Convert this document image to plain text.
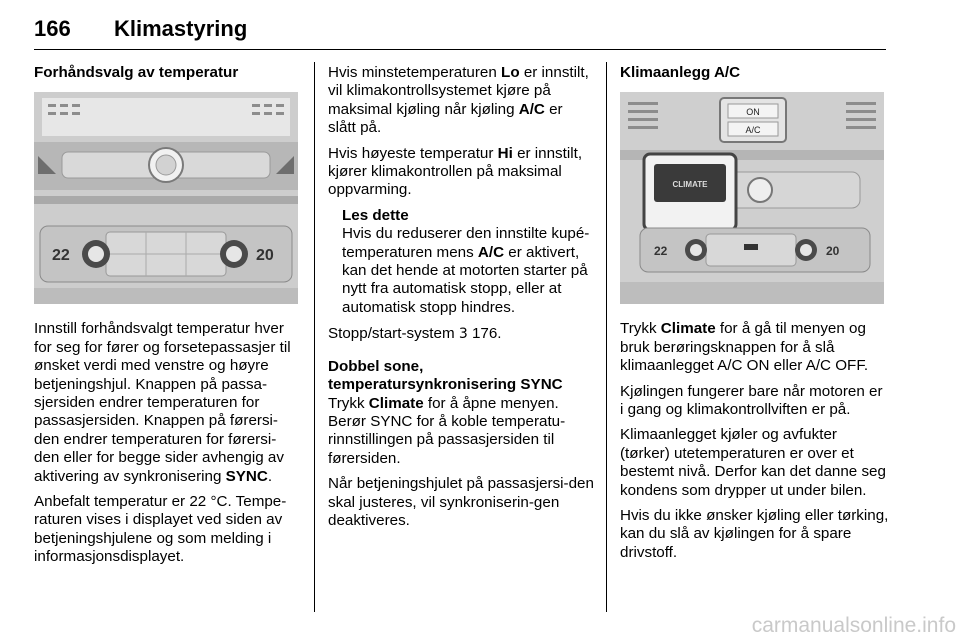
166 Klimastyring

Forhåndsvalg av temperatur

22	20

Innstill forhåndsvalgt temperatur hver for seg for fører og forsetepassasjer til ønsket verdi med venstre og høyre betjeningshjul. Knappen på passa-sjersiden endrer temperaturen for passasjersiden. Knappen på førersi-den endrer temperaturen for førersi-den eller for begge sider avhengig av aktivering av synkronisering SYNC.

Anbefalt temperatur er 22 °C. Tempe-raturen vises i displayet ved siden av betjeningshjulene og som melding i informasjonsdisplayet.

Hvis minstetemperaturen Lo er innstilt, vil klimakontrollsystemet kjøre på maksimal kjøling når kjøling A/C er slått på.

Hvis høyeste temperatur Hi er innstilt, kjører klimakontrollen på maksimal oppvarming.

Les dette
Hvis du reduserer den innstilte kupé-temperaturen mens A/C er aktivert, kan det hende at motorten starter på nytt fra automatisk stopp, eller at automatisk stopp hindres.

Stopp/start-system 3 176.

Dobbel sone, temperatursynkronisering SYNC

Trykk Climate for å åpne menyen. Berør SYNC for å koble temperatu-rinnstillingen på passasjersiden til førersiden.

Når betjeningshjulet på passasjersi-den skal justeres, vil synkroniserin-gen deaktiveres.

Klimaanlegg A/C

ON
A/C
CLIMATE
22	20

Trykk Climate for å gå til menyen og bruk berøringsknappen for å slå klimaanlegget A/C ON eller A/C OFF.

Kjølingen fungerer bare når motoren er i gang og klimakontrollviften er på.

Klimaanlegget kjøler og avfukter (tørker) utetemperaturen er over et bestemt nivå. Derfor kan det danne seg kondens som drypper ut under bilen.

Hvis du ikke ønsker kjøling eller tørking, kan du slå av kjølingen for å spare drivstoff.

carmanualsonline.info
